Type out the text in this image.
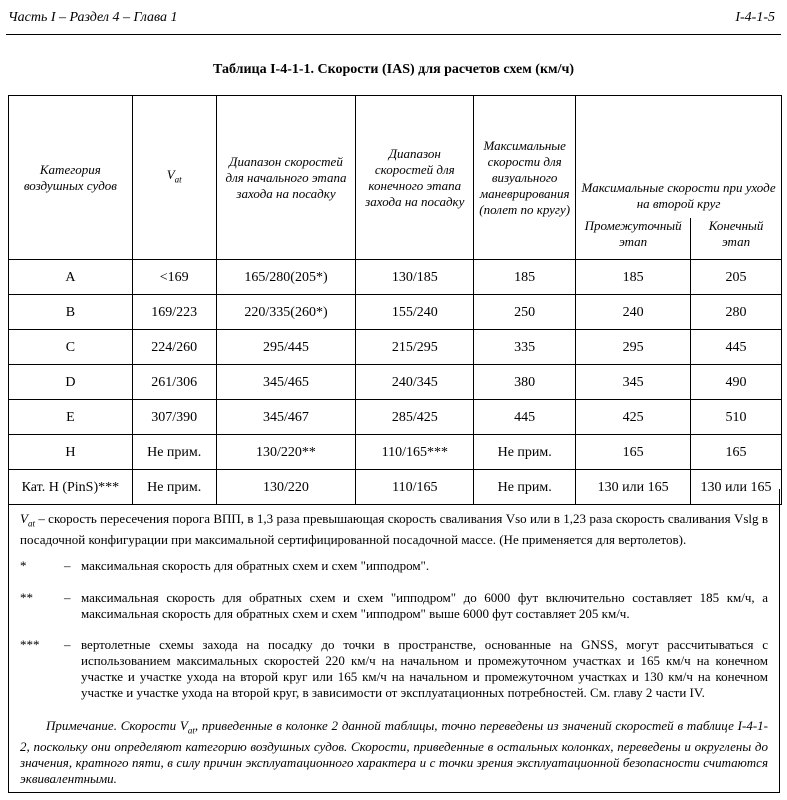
Часть I – Раздел 4 – Глава 1	I-4-1-5
Таблица I-4-1-1. Скорости (IAS) для расчетов схем (км/ч)
Категория воздушных судов	$V_{at}$	Диапазон скоростей для начального этапа захода на посадку	Диапазон скоростей для конечного этапа захода на посадку	Максимальные скорости для визуального маневрирования (полет по кругу)	Максимальные скорости при уходе на второй круг	
					Промежуточный этап	Конечный этап
A	<169	165/280(205*)	130/185	185	185	205
B	169/223	220/335(260*)	155/240	250	240	280
C	224/260	295/445	215/295	335	295	445
D	261/306	345/465	240/345	380	345	490
E	307/390	345/467	285/425	445	425	510
H	Не прим.	130/220**	110/165***	Не прим.	165	165
Кат. H (PinS)***	Не прим.	130/220	110/165	Не прим.	130 или 165	130 или 165
$V_{at}$ – скорость пересечения порога ВПП, в 1,3 раза превышающая скорость сваливания Vso или в 1,23 раза скорость сваливания Vslg в посадочной конфигурации при максимальной сертифицированной посадочной массе. (Не применяется для вертолетов).
*	– максимальная скорость для обратных схем и схем "ипподром".
** – максимальная скорость для обратных схем и схем "ипподром" до 6000 фут включительно составляет 185 км/ч, а максимальная скорость для обратных схем и схем "ипподром" выше 6000 фут составляет 205 км/ч.
*** – вертолетные схемы захода на посадку до точки в пространстве, основанные на GNSS, могут рассчитываться с использованием максимальных скоростей 220 км/ч на начальном и промежуточном участках и 165 км/ч на конечном участке и участке ухода на второй круг или 165 км/ч на начальном и промежуточном участках и 130 км/ч на конечном участке и участке ухода на второй круг, в зависимости от эксплуатационных потребностей. См. главу 2 части IV.
Примечание. Скорости $V_{at}$, приведенные в колонке 2 данной таблицы, точно переведены из значений скоростей в таблице I-4-1-2, поскольку они определяют категорию воздушных судов. Скорости, приведенные в остальных колонках, переведены и округлены до значения, кратного пяти, в силу причин эксплуатационного характера и с точки зрения эксплуатационной безопасности считаются эквивалентными.
